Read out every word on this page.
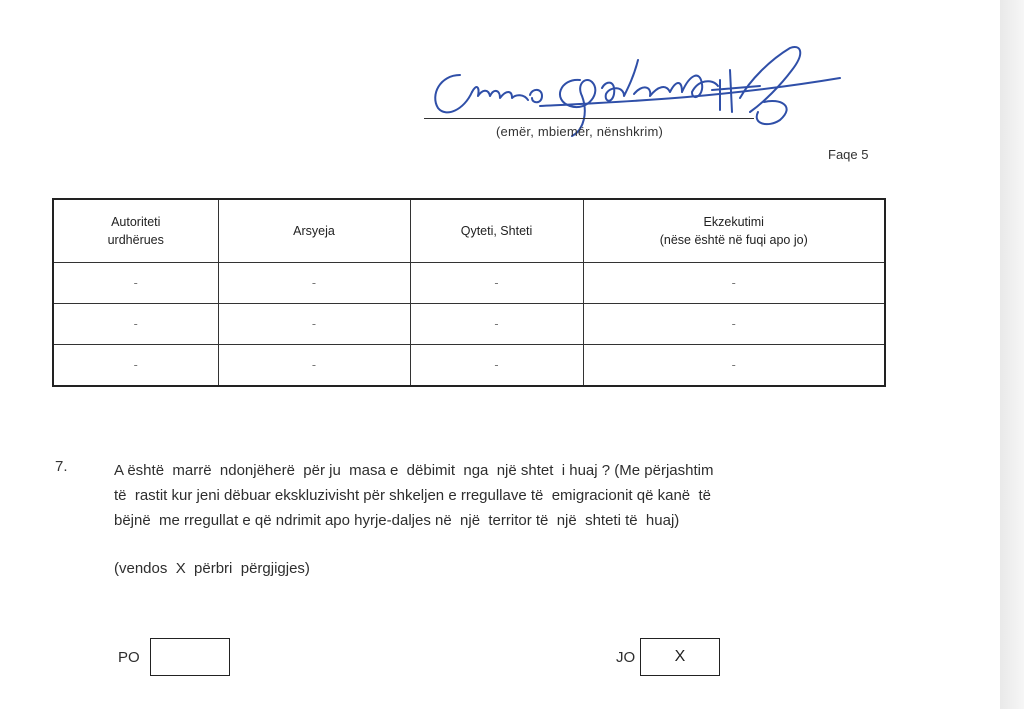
(emër, mbiemër, nënshkrim)
Faqe 5
Autoriteti
urdhërues	Arsyeja	Qyteti, Shteti	Ekzekutimi
(nëse është në fuqi apo jo)
-	-	-	-
-	-	-	-
-	-	-	-
7.	A është  marrë  ndonjëherë  për ju  masa e  dëbimit  nga  një shtet  i huaj ? (Me përjashtim
të  rastit kur jeni dëbuar ekskluzivisht për shkeljen e rregullave të  emigracionit që kanë  të
bëjnë  me rregullat e që ndrimit apo hyrje-daljes në  një  territor të  një  shteti të  huaj)
(vendos  X  përbri  përgjigjes)
PO	JO	X
